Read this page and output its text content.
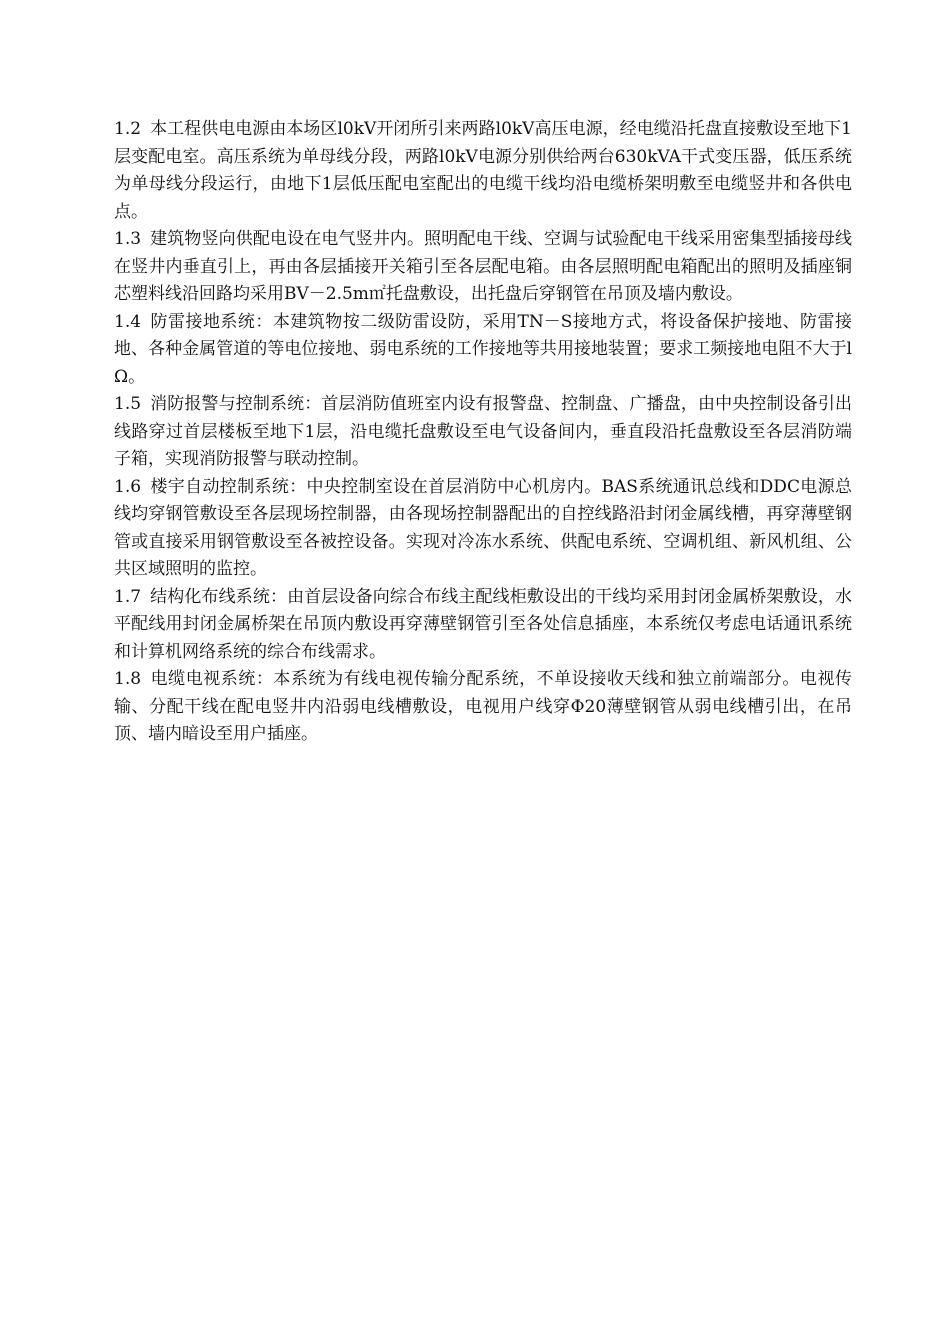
1.2 本工程供电电源由本场区l0kV开闭所引来两路l0kV高压电源，经电缆沿托盘直接敷设至地下1层变配电室。高压系统为单母线分段，两路l0kV电源分别供给两台630kVA干式变压器，低压系统为单母线分段运行，由地下1层低压配电室配出的电缆干线均沿电缆桥架明敷至电缆竖井和各供电点。

1.3 建筑物竖向供配电设在电气竖井内。照明配电干线、空调与试验配电干线采用密集型插接母线在竖井内垂直引上，再由各层插接开关箱引至各层配电箱。由各层照明配电箱配出的照明及插座铜芯塑料线沿回路均采用BV－2.5m㎡托盘敷设，出托盘后穿钢管在吊顶及墙内敷设。

1.4 防雷接地系统：本建筑物按二级防雷设防，采用TN－S接地方式，将设备保护接地、防雷接地、各种金属管道的等电位接地、弱电系统的工作接地等共用接地装置；要求工频接地电阻不大于lΩ。

1.5 消防报警与控制系统：首层消防值班室内设有报警盘、控制盘、广播盘，由中央控制设备引出线路穿过首层楼板至地下1层，沿电缆托盘敷设至电气设备间内，垂直段沿托盘敷设至各层消防端子箱，实现消防报警与联动控制。

1.6 楼宇自动控制系统：中央控制室设在首层消防中心机房内。BAS系统通讯总线和DDC电源总线均穿钢管敷设至各层现场控制器，由各现场控制器配出的自控线路沿封闭金属线槽，再穿薄壁钢管或直接采用钢管敷设至各被控设备。实现对冷冻水系统、供配电系统、空调机组、新风机组、公共区域照明的监控。

1.7 结构化布线系统：由首层设备向综合布线主配线柜敷设出的干线均采用封闭金属桥架敷设，水平配线用封闭金属桥架在吊顶内敷设再穿薄壁钢管引至各处信息插座，本系统仅考虑电话通讯系统和计算机网络系统的综合布线需求。

1.8 电缆电视系统：本系统为有线电视传输分配系统，不单设接收天线和独立前端部分。电视传输、分配干线在配电竖井内沿弱电线槽敷设，电视用户线穿Φ20薄壁钢管从弱电线槽引出，在吊顶、墙内暗设至用户插座。
